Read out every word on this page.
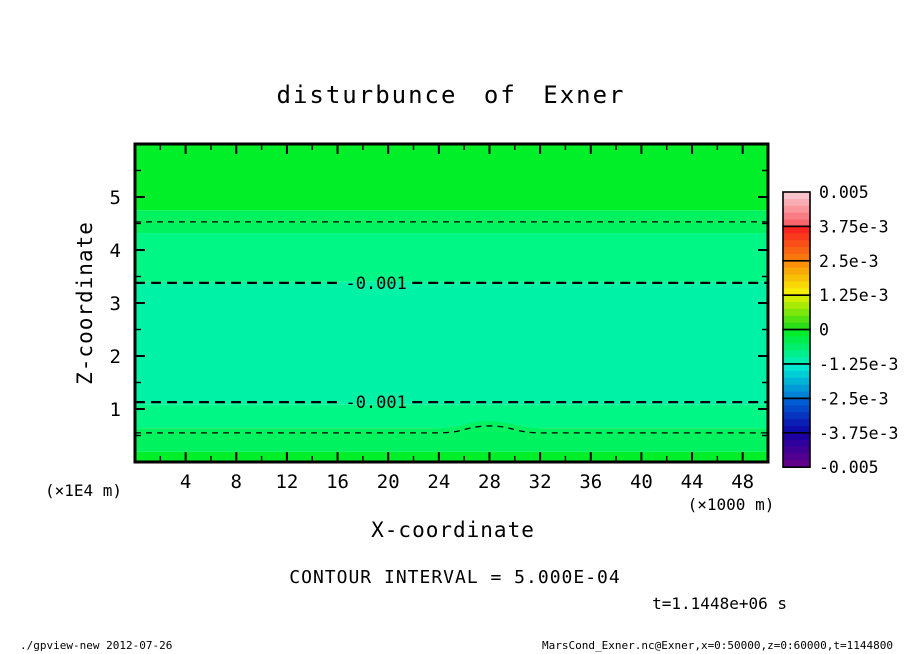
-0.001
-0.001
4 8 12 16 20 24 28 32 36 40 44 48
1
2
3
4
5	0.005
3.75e-3
2.5e-3
1.25e-3
0
-1.25e-3
-2.5e-3
-3.75e-3
-0.005
disturbunce of Exner
Z-coordinate
(×1E4 m)
(×1000 m)
X-coordinate
CONTOUR INTERVAL = 5.000E-04
t=1.1448e+06 s
./gpview-new 2012-07-26	MarsCond_Exner.nc@Exner,x=0:50000,z=0:60000,t=1144800
